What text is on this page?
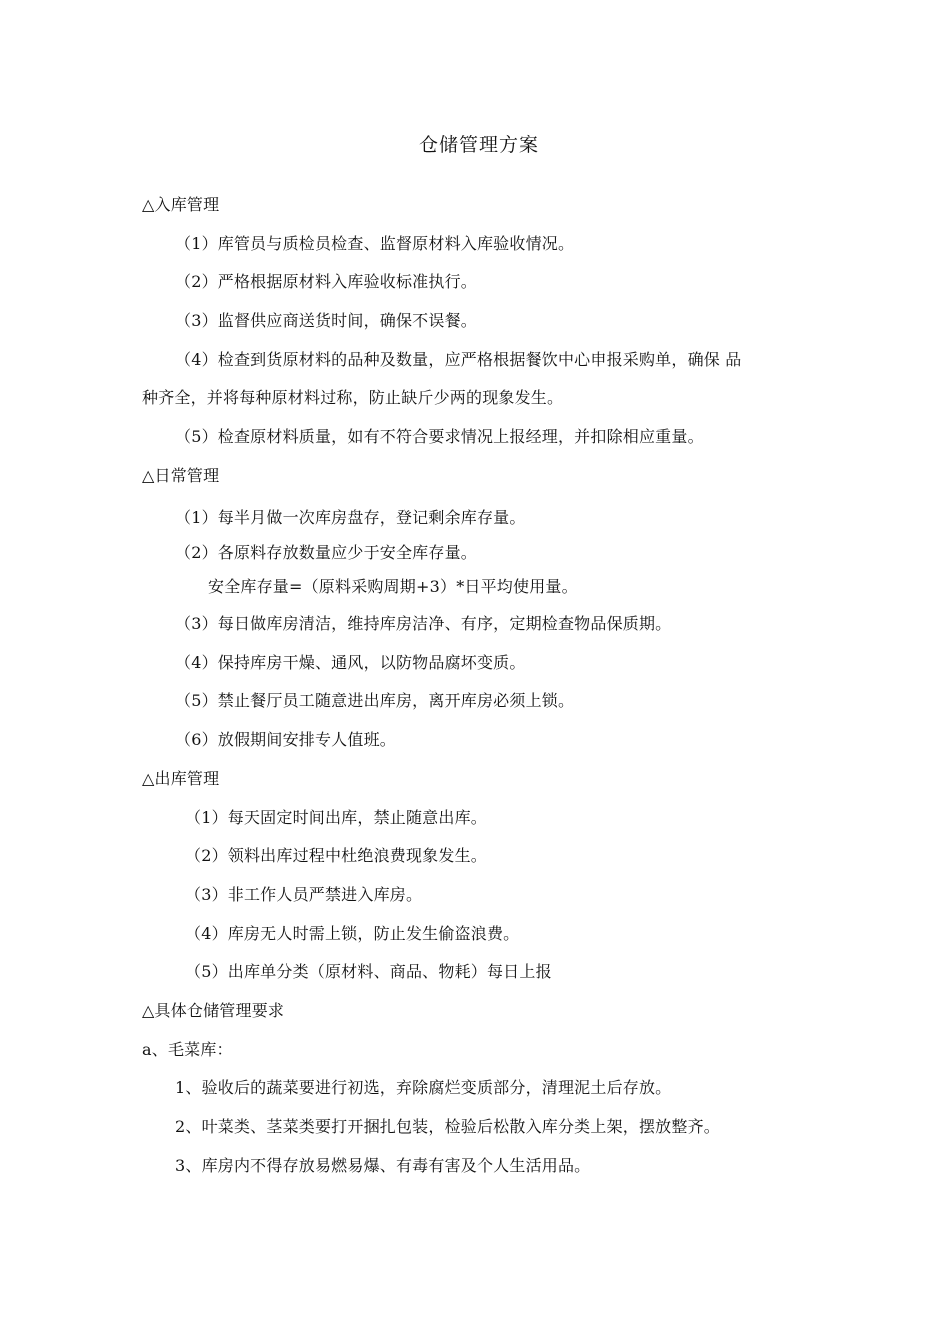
仓储管理方案
△入库管理
（1）库管员与质检员检查、监督原材料入库验收情况。
（2）严格根据原材料入库验收标准执行。
（3）监督供应商送货时间，确保不误餐。
（4）检查到货原材料的品种及数量，应严格根据餐饮中心申报采购单，确保 品
种齐全，并将每种原材料过称，防止缺斤少两的现象发生。
（5）检查原材料质量，如有不符合要求情况上报经理，并扣除相应重量。
△日常管理
（1）每半月做一次库房盘存，登记剩余库存量。
（2）各原料存放数量应少于安全库存量。
安全库存量=（原料采购周期+3）*日平均使用量。
（3）每日做库房清洁，维持库房洁净、有序，定期检查物品保质期。
（4）保持库房干燥、通风，以防物品腐坏变质。
（5）禁止餐厅员工随意进出库房，离开库房必须上锁。
（6）放假期间安排专人值班。
△出库管理
（1）每天固定时间出库，禁止随意出库。
（2）领料出库过程中杜绝浪费现象发生。
（3）非工作人员严禁进入库房。
（4）库房无人时需上锁，防止发生偷盗浪费。
（5）出库单分类（原材料、商品、物耗）每日上报
△具体仓储管理要求
a、毛菜库：
1、验收后的蔬菜要进行初选，弃除腐烂变质部分，清理泥土后存放。
2、叶菜类、茎菜类要打开捆扎包装，检验后松散入库分类上架，摆放整齐。
3、库房内不得存放易燃易爆、有毒有害及个人生活用品。
